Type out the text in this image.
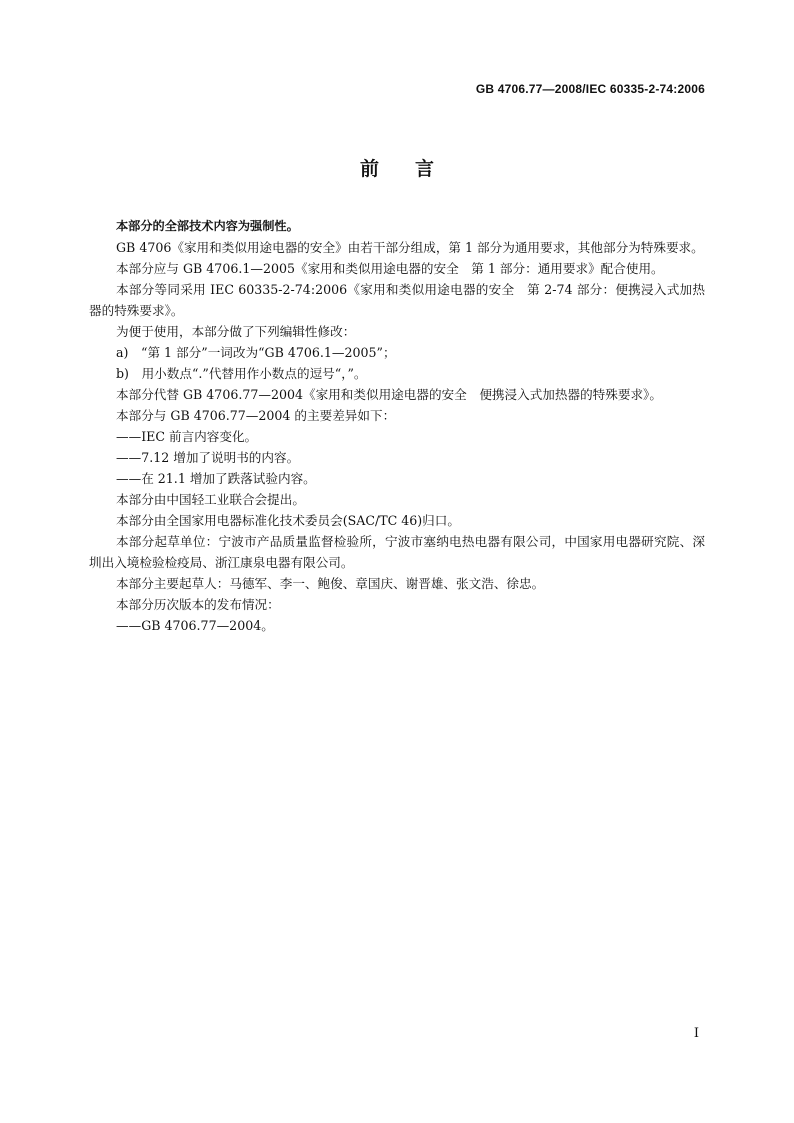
GB 4706.77—2008/IEC 60335-2-74:2006
前言

本部分的全部技术内容为强制性。

GB 4706《家用和类似用途电器的安全》由若干部分组成，第 1 部分为通用要求，其他部分为特殊要求。

本部分应与 GB 4706.1—2005《家用和类似用途电器的安全　第 1 部分：通用要求》配合使用。

本部分等同采用 IEC 60335-2-74:2006《家用和类似用途电器的安全　第 2-74 部分：便携浸入式加热器的特殊要求》。

为便于使用，本部分做了下列编辑性修改：

a)　“第 1 部分”一词改为“GB 4706.1—2005”；

b)　用小数点“.”代替用作小数点的逗号“，”。

本部分代替 GB 4706.77—2004《家用和类似用途电器的安全　便携浸入式加热器的特殊要求》。

本部分与 GB 4706.77—2004 的主要差异如下：

——IEC 前言内容变化。

——7.12 增加了说明书的内容。

——在 21.1 增加了跌落试验内容。

本部分由中国轻工业联合会提出。

本部分由全国家用电器标准化技术委员会(SAC/TC 46)归口。

本部分起草单位：宁波市产品质量监督检验所，宁波市塞纳电热电器有限公司，中国家用电器研究院、深圳出入境检验检疫局、浙江康泉电器有限公司。

本部分主要起草人：马德军、李一、鲍俊、章国庆、谢晋雄、张文浩、徐忠。

本部分历次版本的发布情况：

——GB 4706.77—2004。

I
